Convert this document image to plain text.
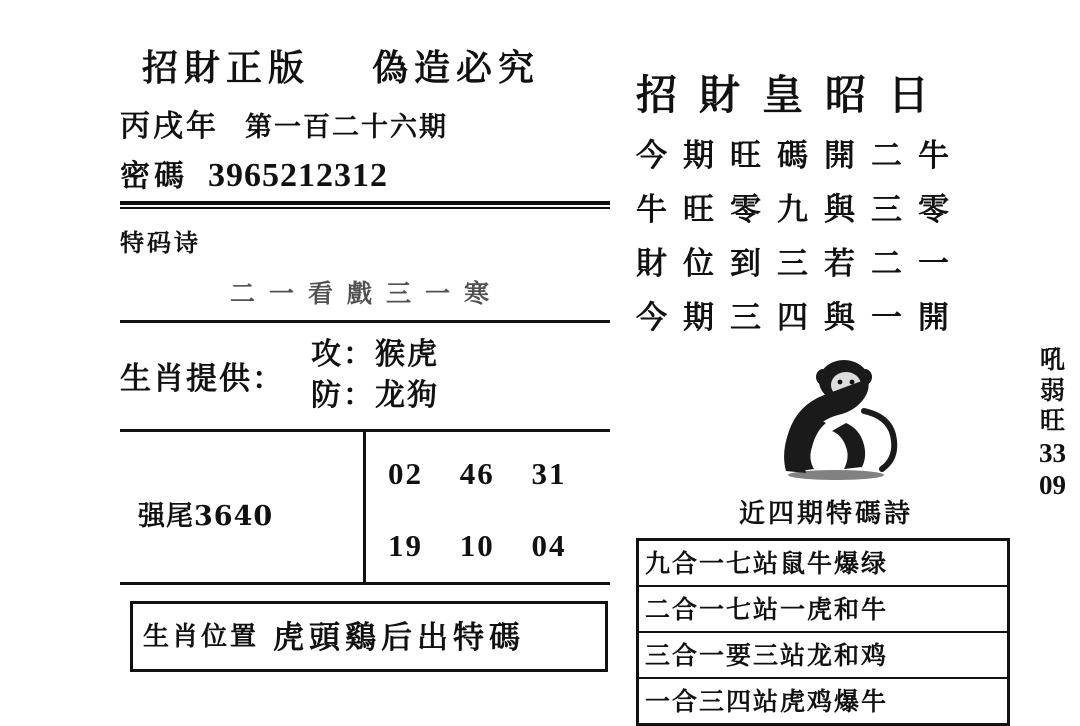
招財正版 偽造必究
丙戌年 第一百二十六期
密碼 3965212312
特码诗
二一看戲三一寒
生肖提供：
攻：猴虎
防：龙狗
强尾3640
02 46 31
19 10 04
生肖位置 虎頭鷄后出特碼
招財皇昭日
今期旺碼開二牛
牛旺零九與三零
財位到三若二一
今期三四與一開
吼
弱
旺
33
09
近四期特碼詩
九合一七站鼠牛爆绿
二合一七站一虎和牛
三合一要三站龙和鸡
一合三四站虎鸡爆牛
